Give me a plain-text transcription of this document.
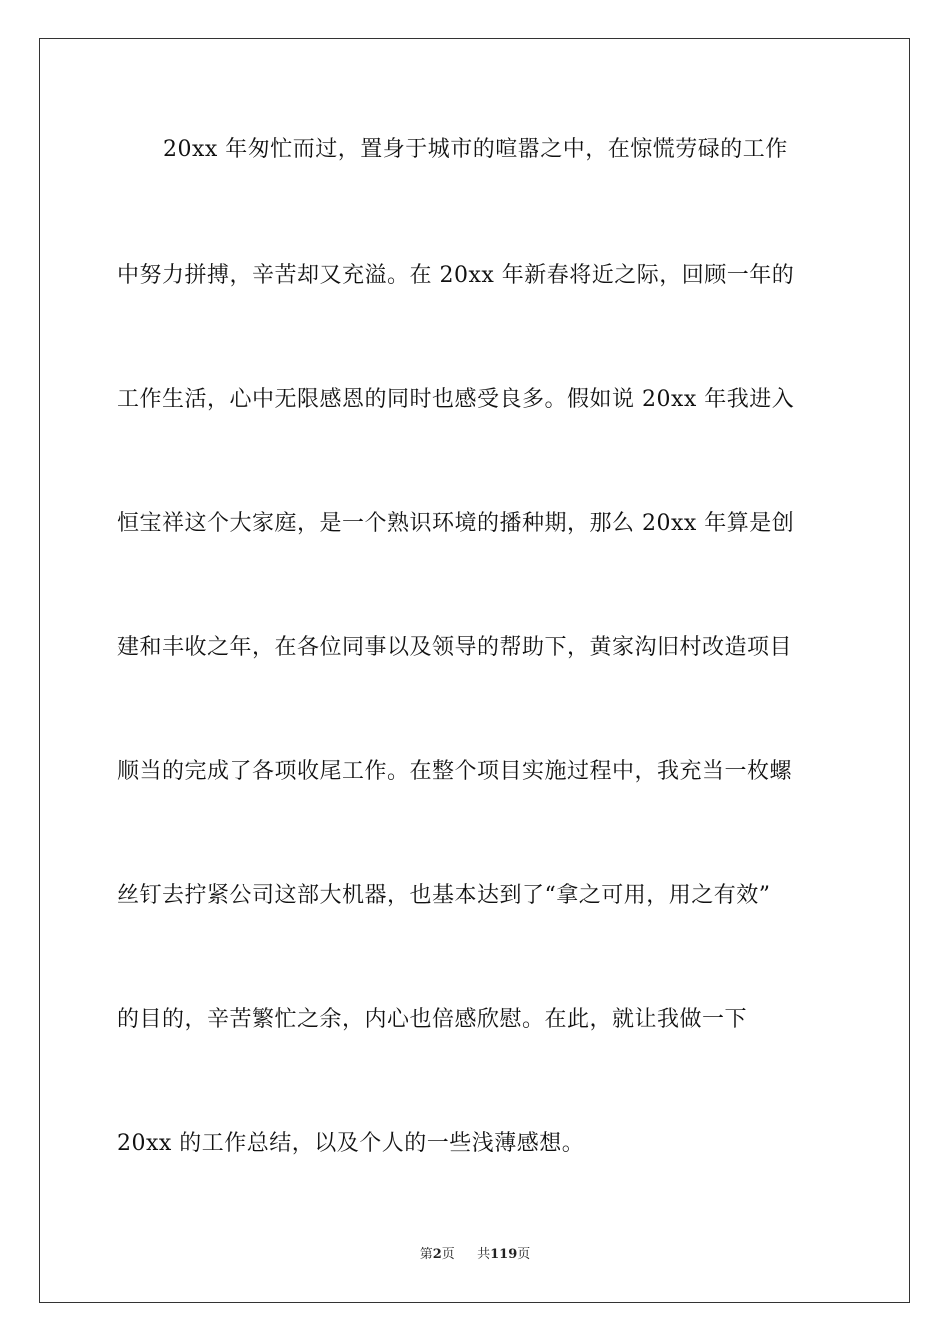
20xx 年匆忙而过，置身于城市的喧嚣之中，在惊慌劳碌的工作
中努力拼搏，辛苦却又充溢。在 20xx 年新春将近之际，回顾一年的
工作生活，心中无限感恩的同时也感受良多。假如说 20xx 年我进入
恒宝祥这个大家庭，是一个熟识环境的播种期，那么 20xx 年算是创
建和丰收之年，在各位同事以及领导的帮助下，黄家沟旧村改造项目
顺当的完成了各项收尾工作。在整个项目实施过程中，我充当一枚螺
丝钉去拧紧公司这部大机器，也基本达到了“拿之可用，用之有效”
的目的，辛苦繁忙之余，内心也倍感欣慰。在此，就让我做一下
20xx 的工作总结，以及个人的一些浅薄感想。
第2页 共119页
